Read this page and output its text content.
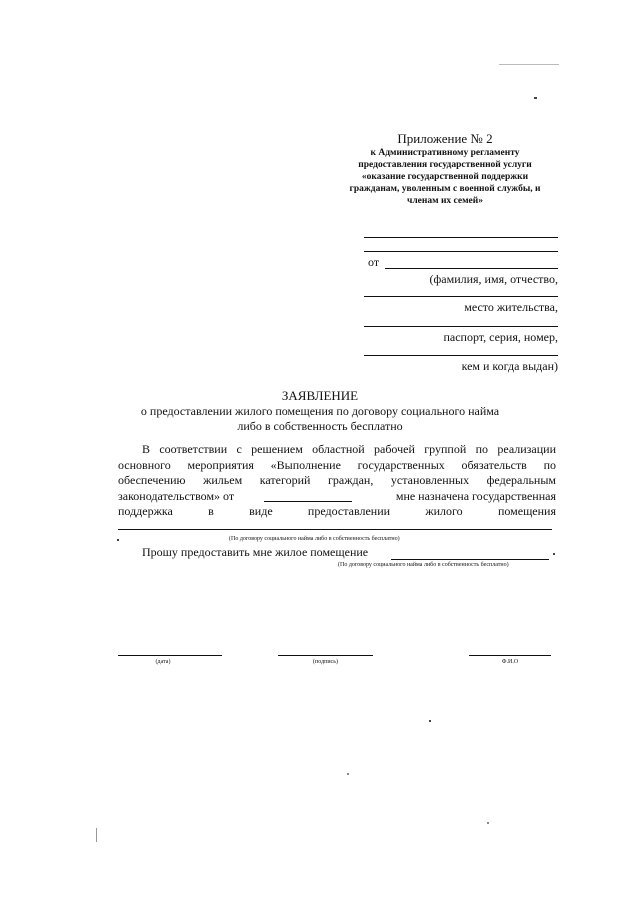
Приложение № 2
к Административному регламенту
предоставления государственной услуги
«оказание государственной поддержки
гражданам, уволенным с военной службы, и
членам их семей»
от
(фамилия, имя, отчество,
место жительства,
паспорт, серия, номер,
кем и когда выдан)
ЗАЯВЛЕНИЕ
о предоставлении жилого помещения по договору социального найма
либо в собственность бесплатно
В соответствии с решением областной рабочей группой по реализации
основного мероприятия «Выполнение государственных обязательств по
обеспечению жильем категорий граждан, установленных федеральным
законодательством» от	мне назначена государственная
поддержка в виде предоставлении жилого помещения
(По договору социального найма либо в собственность бесплатно)
Прошу предоставить мне жилое помещение
(По договору социального найма либо в собственность бесплатно)
(дата)	(подпись)	Ф.И.О
